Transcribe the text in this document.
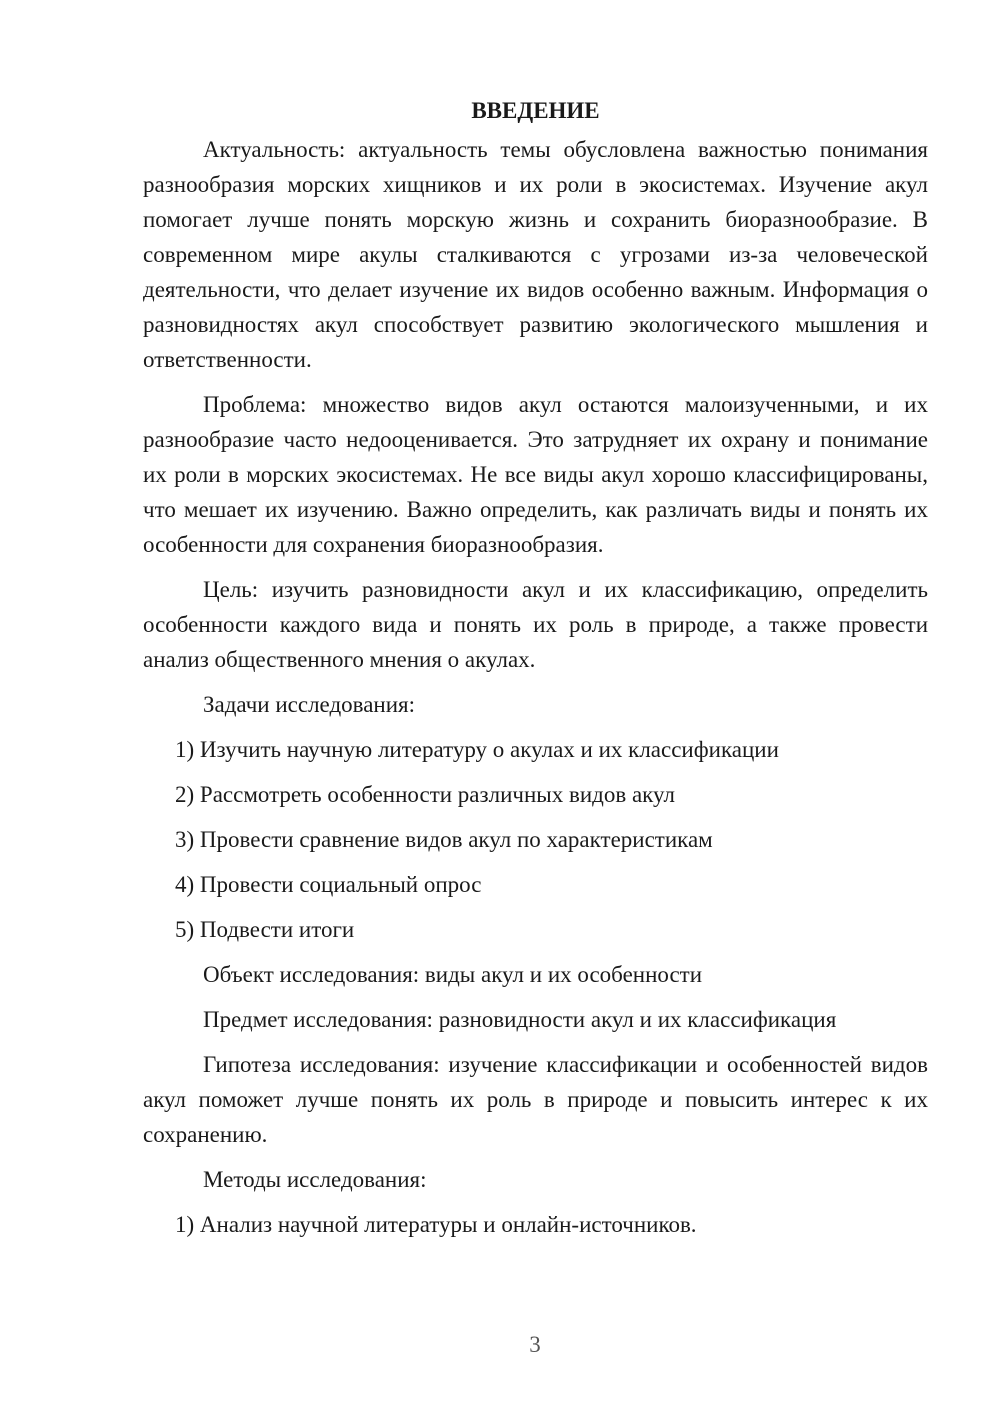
ВВЕДЕНИЕ

Актуальность: актуальность темы обусловлена важностью понимания разнообразия морских хищников и их роли в экосистемах. Изучение акул помогает лучше понять морскую жизнь и сохранить биоразнообразие. В современном мире акулы сталкиваются с угрозами из-за человеческой деятельности, что делает изучение их видов особенно важным. Информация о разновидностях акул способствует развитию экологического мышления и ответственности.

Проблема: множество видов акул остаются малоизученными, и их разнообразие часто недооценивается. Это затрудняет их охрану и понимание их роли в морских экосистемах. Не все виды акул хорошо классифицированы, что мешает их изучению. Важно определить, как различать виды и понять их особенности для сохранения биоразнообразия.

Цель: изучить разновидности акул и их классификацию, определить особенности каждого вида и понять их роль в природе, а также провести анализ общественного мнения о акулах.

Задачи исследования:
1) Изучить научную литературу о акулах и их классификации
2) Рассмотреть особенности различных видов акул
3) Провести сравнение видов акул по характеристикам
4) Провести социальный опрос
5) Подвести итоги
Объект исследования: виды акул и их особенности
Предмет исследования: разновидности акул и их классификация

Гипотеза исследования: изучение классификации и особенностей видов акул поможет лучше понять их роль в природе и повысить интерес к их сохранению.

Методы исследования:
1) Анализ научной литературы и онлайн-источников.
3
